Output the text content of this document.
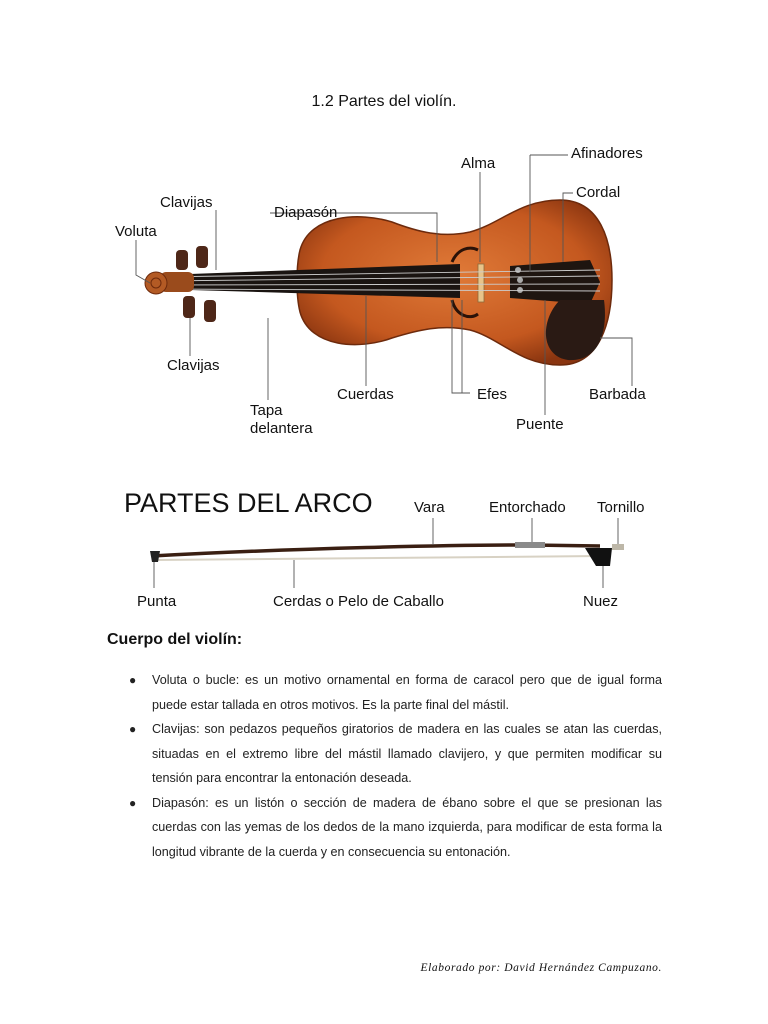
1.2 Partes del violín.
Afinadores
Alma
Cordal
Clavijas
Diapasón
Voluta
Clavijas
Tapa
delantera
Cuerdas	Efes	Barbada
Puente
PARTES DEL ARCO	Vara	Entorchado Tornillo
Punta	Cerdas o Pelo de Caballo	Nuez
Cuerpo del violín:
● Voluta o bucle: es un motivo ornamental en forma de caracol pero que de igual forma puede estar tallada en otros motivos. Es la parte final del mástil.
● Clavijas: son pedazos pequeños giratorios de madera en las cuales se atan las cuerdas, situadas en el extremo libre del mástil llamado clavijero, y que permiten modificar su tensión para encontrar la entonación deseada.
● Diapasón: es un listón o sección de madera de ébano sobre el que se presionan las cuerdas con las yemas de los dedos de la mano izquierda, para modificar de esta forma la longitud vibrante de la cuerda y en consecuencia su entonación.
Elaborado por: David Hernández Campuzano.
